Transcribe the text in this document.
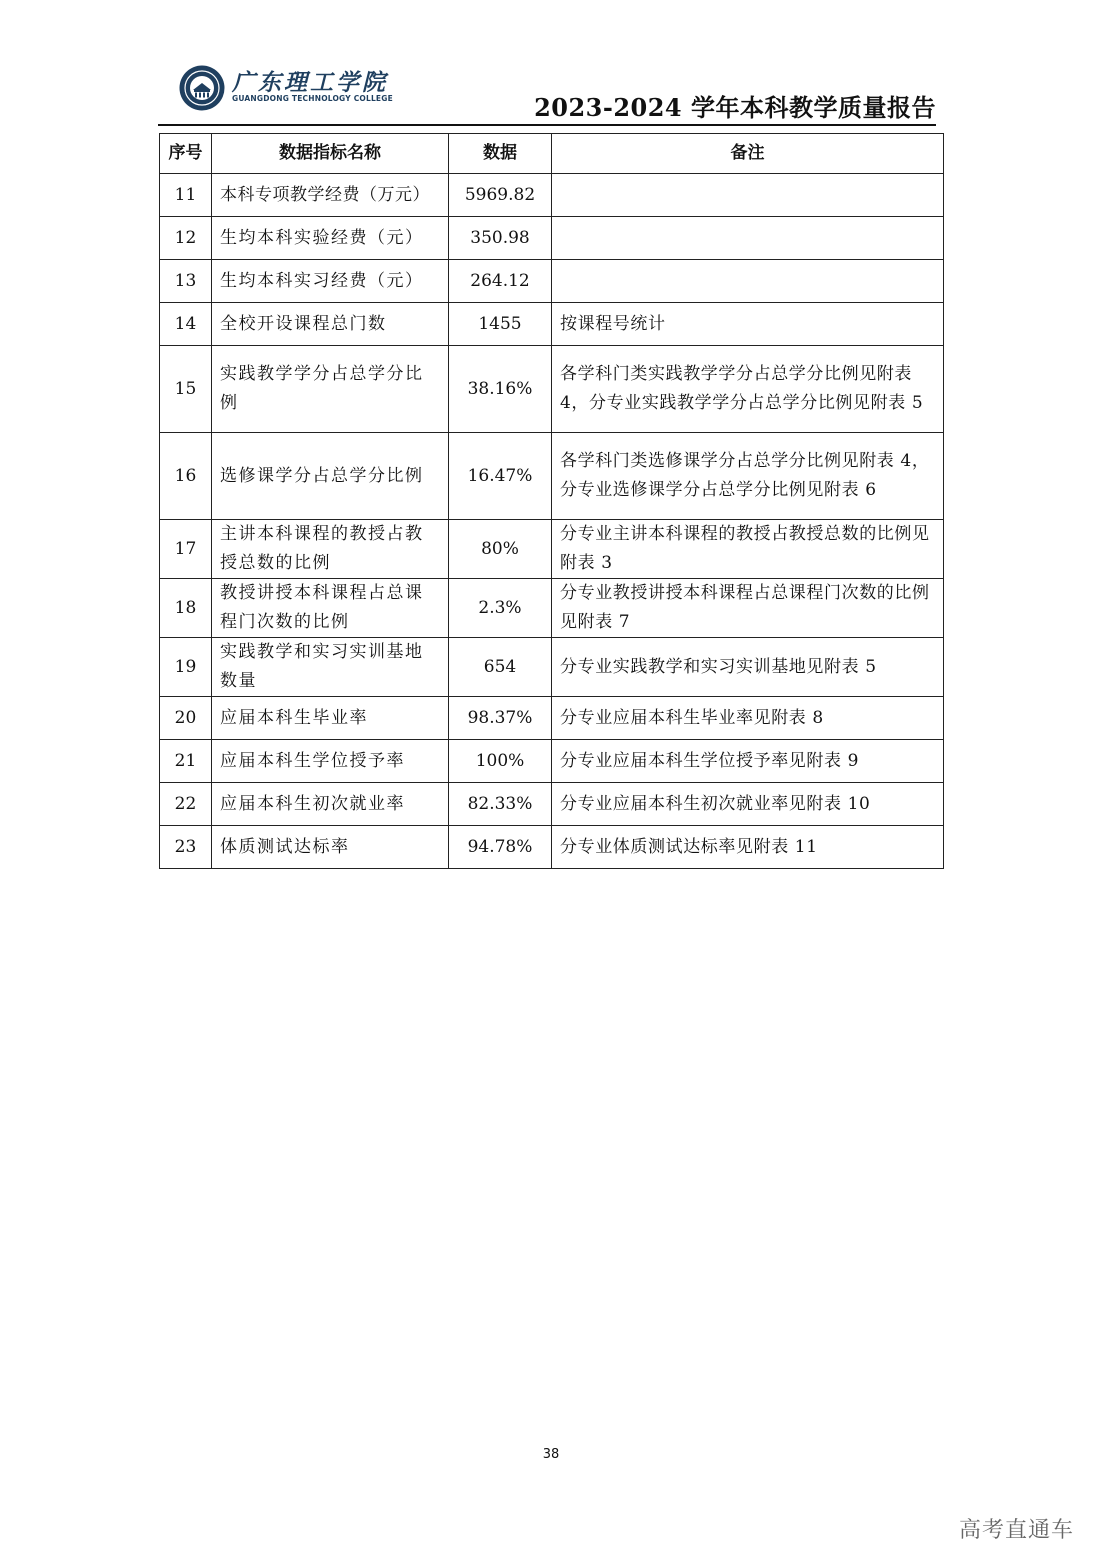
广东理工学院
GUANGDONG TECHNOLOGY COLLEGE	2023-2024 学年本科教学质量报告
序号	数据指标名称	数据	备注
11	本科专项教学经费（万元）	5969.82	
12	生均本科实验经费（元）	350.98	
13	生均本科实习经费（元）	264.12	
14	全校开设课程总门数	1455	按课程号统计
15	实践教学学分占总学分比例	38.16%	各学科门类实践教学学分占总学分比例见附表 4，分专业实践教学学分占总学分比例见附表 5
16	选修课学分占总学分比例	16.47%	各学科门类选修课学分占总学分比例见附表 4，分专业选修课学分占总学分比例见附表 6
17	主讲本科课程的教授占教授总数的比例	80%	分专业主讲本科课程的教授占教授总数的比例见附表 3
18	教授讲授本科课程占总课程门次数的比例	2.3%	分专业教授讲授本科课程占总课程门次数的比例见附表 7
19	实践教学和实习实训基地数量	654	分专业实践教学和实习实训基地见附表 5
20	应届本科生毕业率	98.37%	分专业应届本科生毕业率见附表 8
21	应届本科生学位授予率	100%	分专业应届本科生学位授予率见附表 9
22	应届本科生初次就业率	82.33%	分专业应届本科生初次就业率见附表 10
23	体质测试达标率	94.78%	分专业体质测试达标率见附表 11
38
高考直通车
